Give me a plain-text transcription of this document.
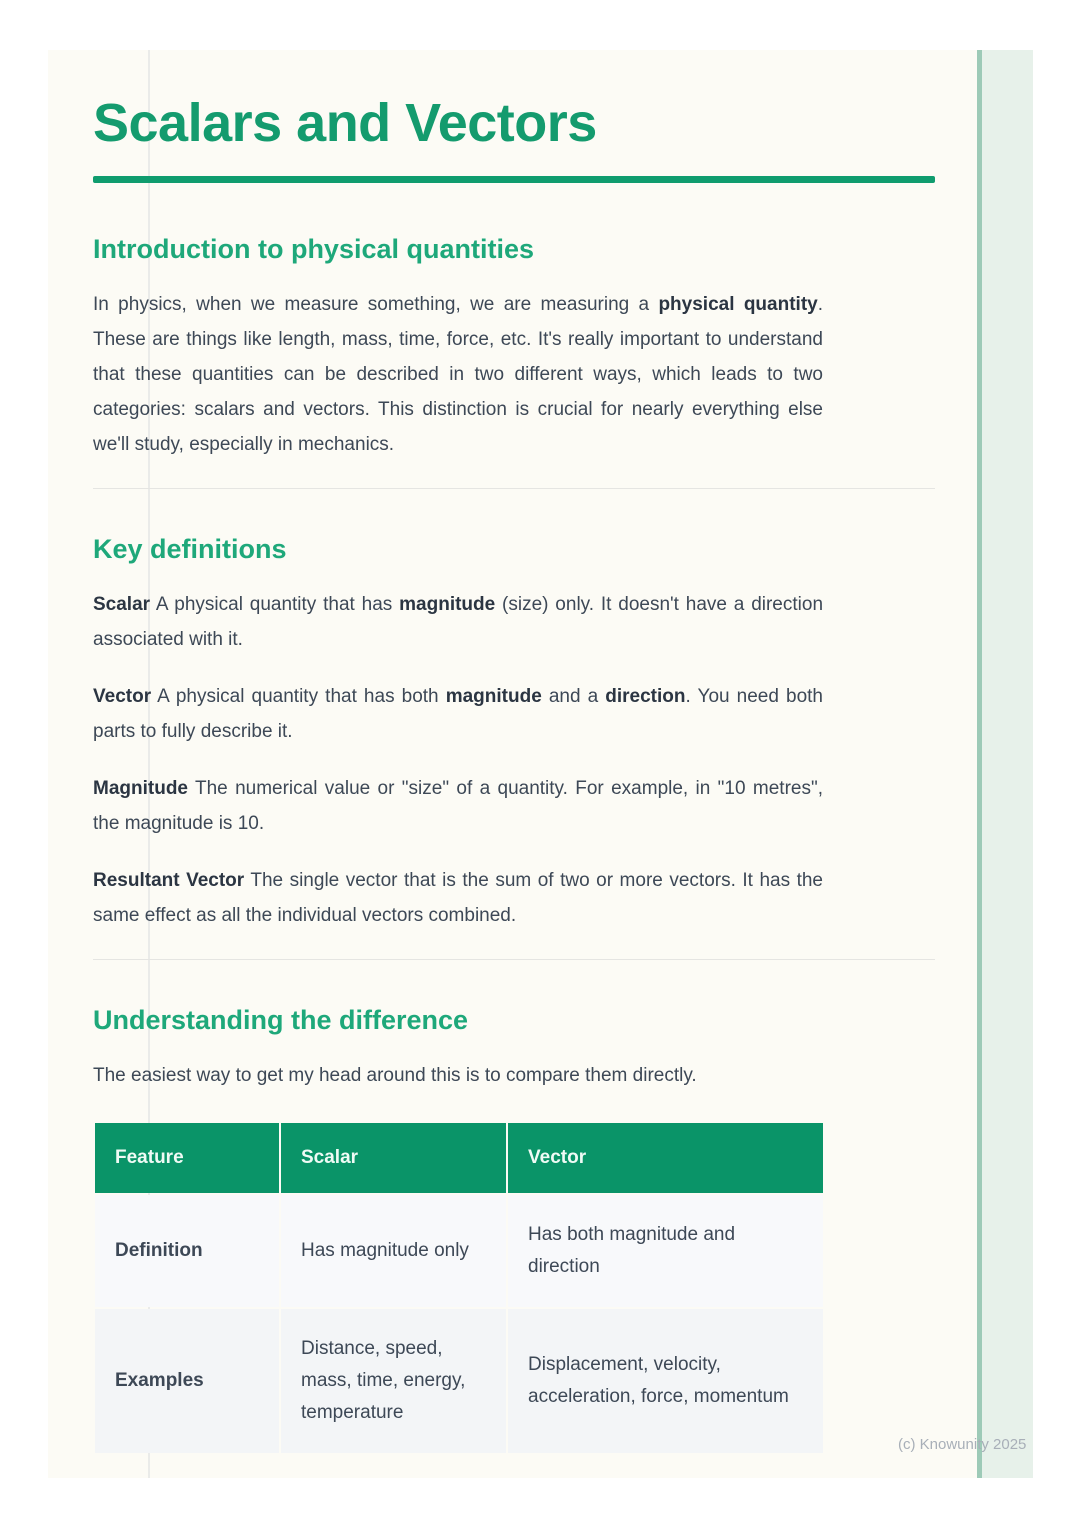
Scalars and Vectors
Introduction to physical quantities

In physics, when we measure something, we are measuring a physical quantity. These are things like length, mass, time, force, etc. It's really important to understand that these quantities can be described in two different ways, which leads to two categories: scalars and vectors. This distinction is crucial for nearly everything else we'll study, especially in mechanics.

Key definitions

Scalar A physical quantity that has magnitude (size) only. It doesn't have a direction associated with it.

Vector A physical quantity that has both magnitude and a direction. You need both parts to fully describe it.

Magnitude The numerical value or "size" of a quantity. For example, in "10 metres", the magnitude is 10.

Resultant Vector The single vector that is the sum of two or more vectors. It has the same effect as all the individual vectors combined.

Understanding the difference

The easiest way to get my head around this is to compare them directly.

Feature	Scalar	Vector
Definition	Has magnitude only	Has both magnitude and direction
Examples	Distance, speed, mass, time, energy, temperature	Displacement, velocity, acceleration, force, momentum
(c) Knowunity 2025
